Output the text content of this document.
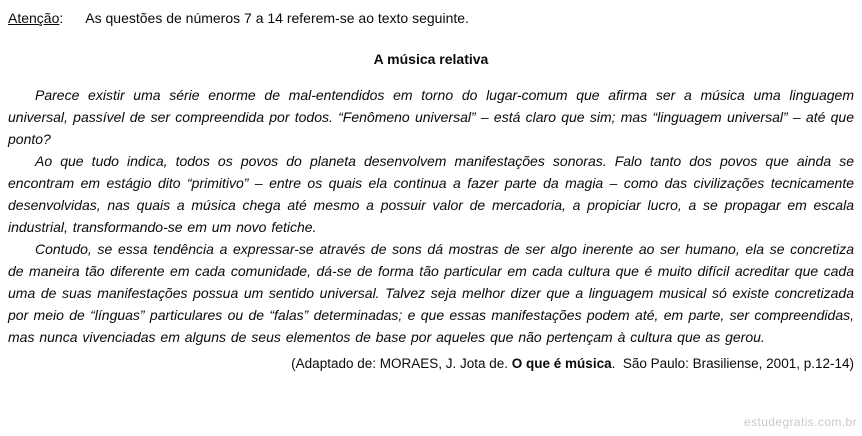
Atenção : As questões de números 7 a 14 referem-se ao texto seguinte.
A música relativa

Parece existir uma série enorme de mal-entendidos em torno do lugar-comum que afirma ser a música uma linguagem universal, passível de ser compreendida por todos. “Fenômeno universal” – está claro que sim; mas “linguagem universal” – até que ponto?

Ao que tudo indica, todos os povos do planeta desenvolvem manifestações sonoras. Falo tanto dos povos que ainda se encontram em estágio dito “primitivo” – entre os quais ela continua a fazer parte da magia – como das civilizações tecnicamente desenvolvidas, nas quais a música chega até mesmo a possuir valor de mercadoria, a propiciar lucro, a se propagar em escala industrial, transformando-se em um novo fetiche.

Contudo, se essa tendência a expressar-se através de sons dá mostras de ser algo inerente ao ser humano, ela se concretiza de maneira tão diferente em cada comunidade, dá-se de forma tão particular em cada cultura que é muito difícil acreditar que cada uma de suas manifestações possua um sentido universal. Talvez seja melhor dizer que a linguagem musical só existe concretizada por meio de “línguas” particulares ou de “falas” determinadas; e que essas manifestações podem até, em parte, ser compreendidas, mas nunca vivenciadas em alguns de seus elementos de base por aqueles que não pertençam à cultura que as gerou.

(Adaptado de: MORAES, J. Jota de. O que é música.  São Paulo: Brasiliense, 2001, p.12-14)
estudegratis.com.br
